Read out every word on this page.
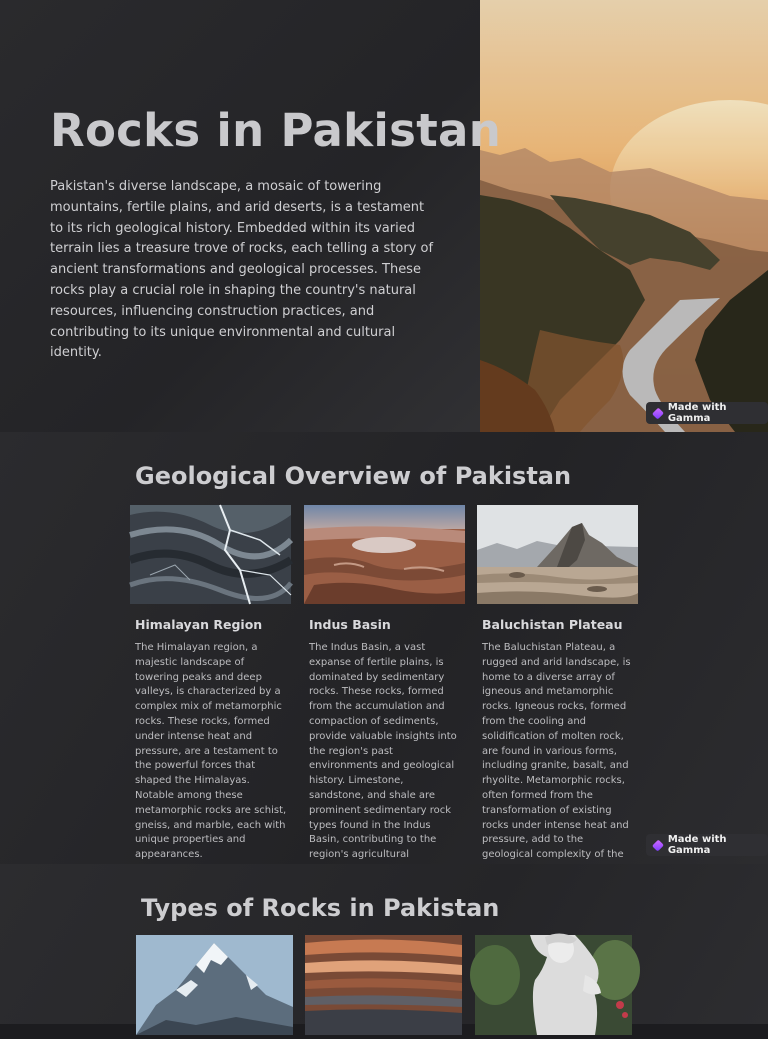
Rocks in Pakistan

Pakistan's diverse landscape, a mosaic of towering mountains, fertile plains, and arid deserts, is a testament to its rich geological history. Embedded within its varied terrain lies a treasure trove of rocks, each telling a story of ancient transformations and geological processes. These rocks play a crucial role in shaping the country's natural resources, influencing construction practices, and contributing to its unique environmental and cultural identity.

Made with Gamma
Geological Overview of Pakistan
Himalayan Region
The Himalayan region, a majestic landscape of towering peaks and deep valleys, is characterized by a complex mix of metamorphic rocks. These rocks, formed under intense heat and pressure, are a testament to the powerful forces that shaped the Himalayas. Notable among these metamorphic rocks are schist, gneiss, and marble, each with unique properties and appearances.
Indus Basin
The Indus Basin, a vast expanse of fertile plains, is dominated by sedimentary rocks. These rocks, formed from the accumulation and compaction of sediments, provide valuable insights into the region's past environments and geological history. Limestone, sandstone, and shale are prominent sedimentary rock types found in the Indus Basin, contributing to the region's agricultural
Baluchistan Plateau
The Baluchistan Plateau, a rugged and arid landscape, is home to a diverse array of igneous and metamorphic rocks. Igneous rocks, formed from the cooling and solidification of molten rock, are found in various forms, including granite, basalt, and rhyolite. Metamorphic rocks, often formed from the transformation of existing rocks under intense heat and pressure, add to the geological complexity of the
Made with Gamma
Types of Rocks in Pakistan
